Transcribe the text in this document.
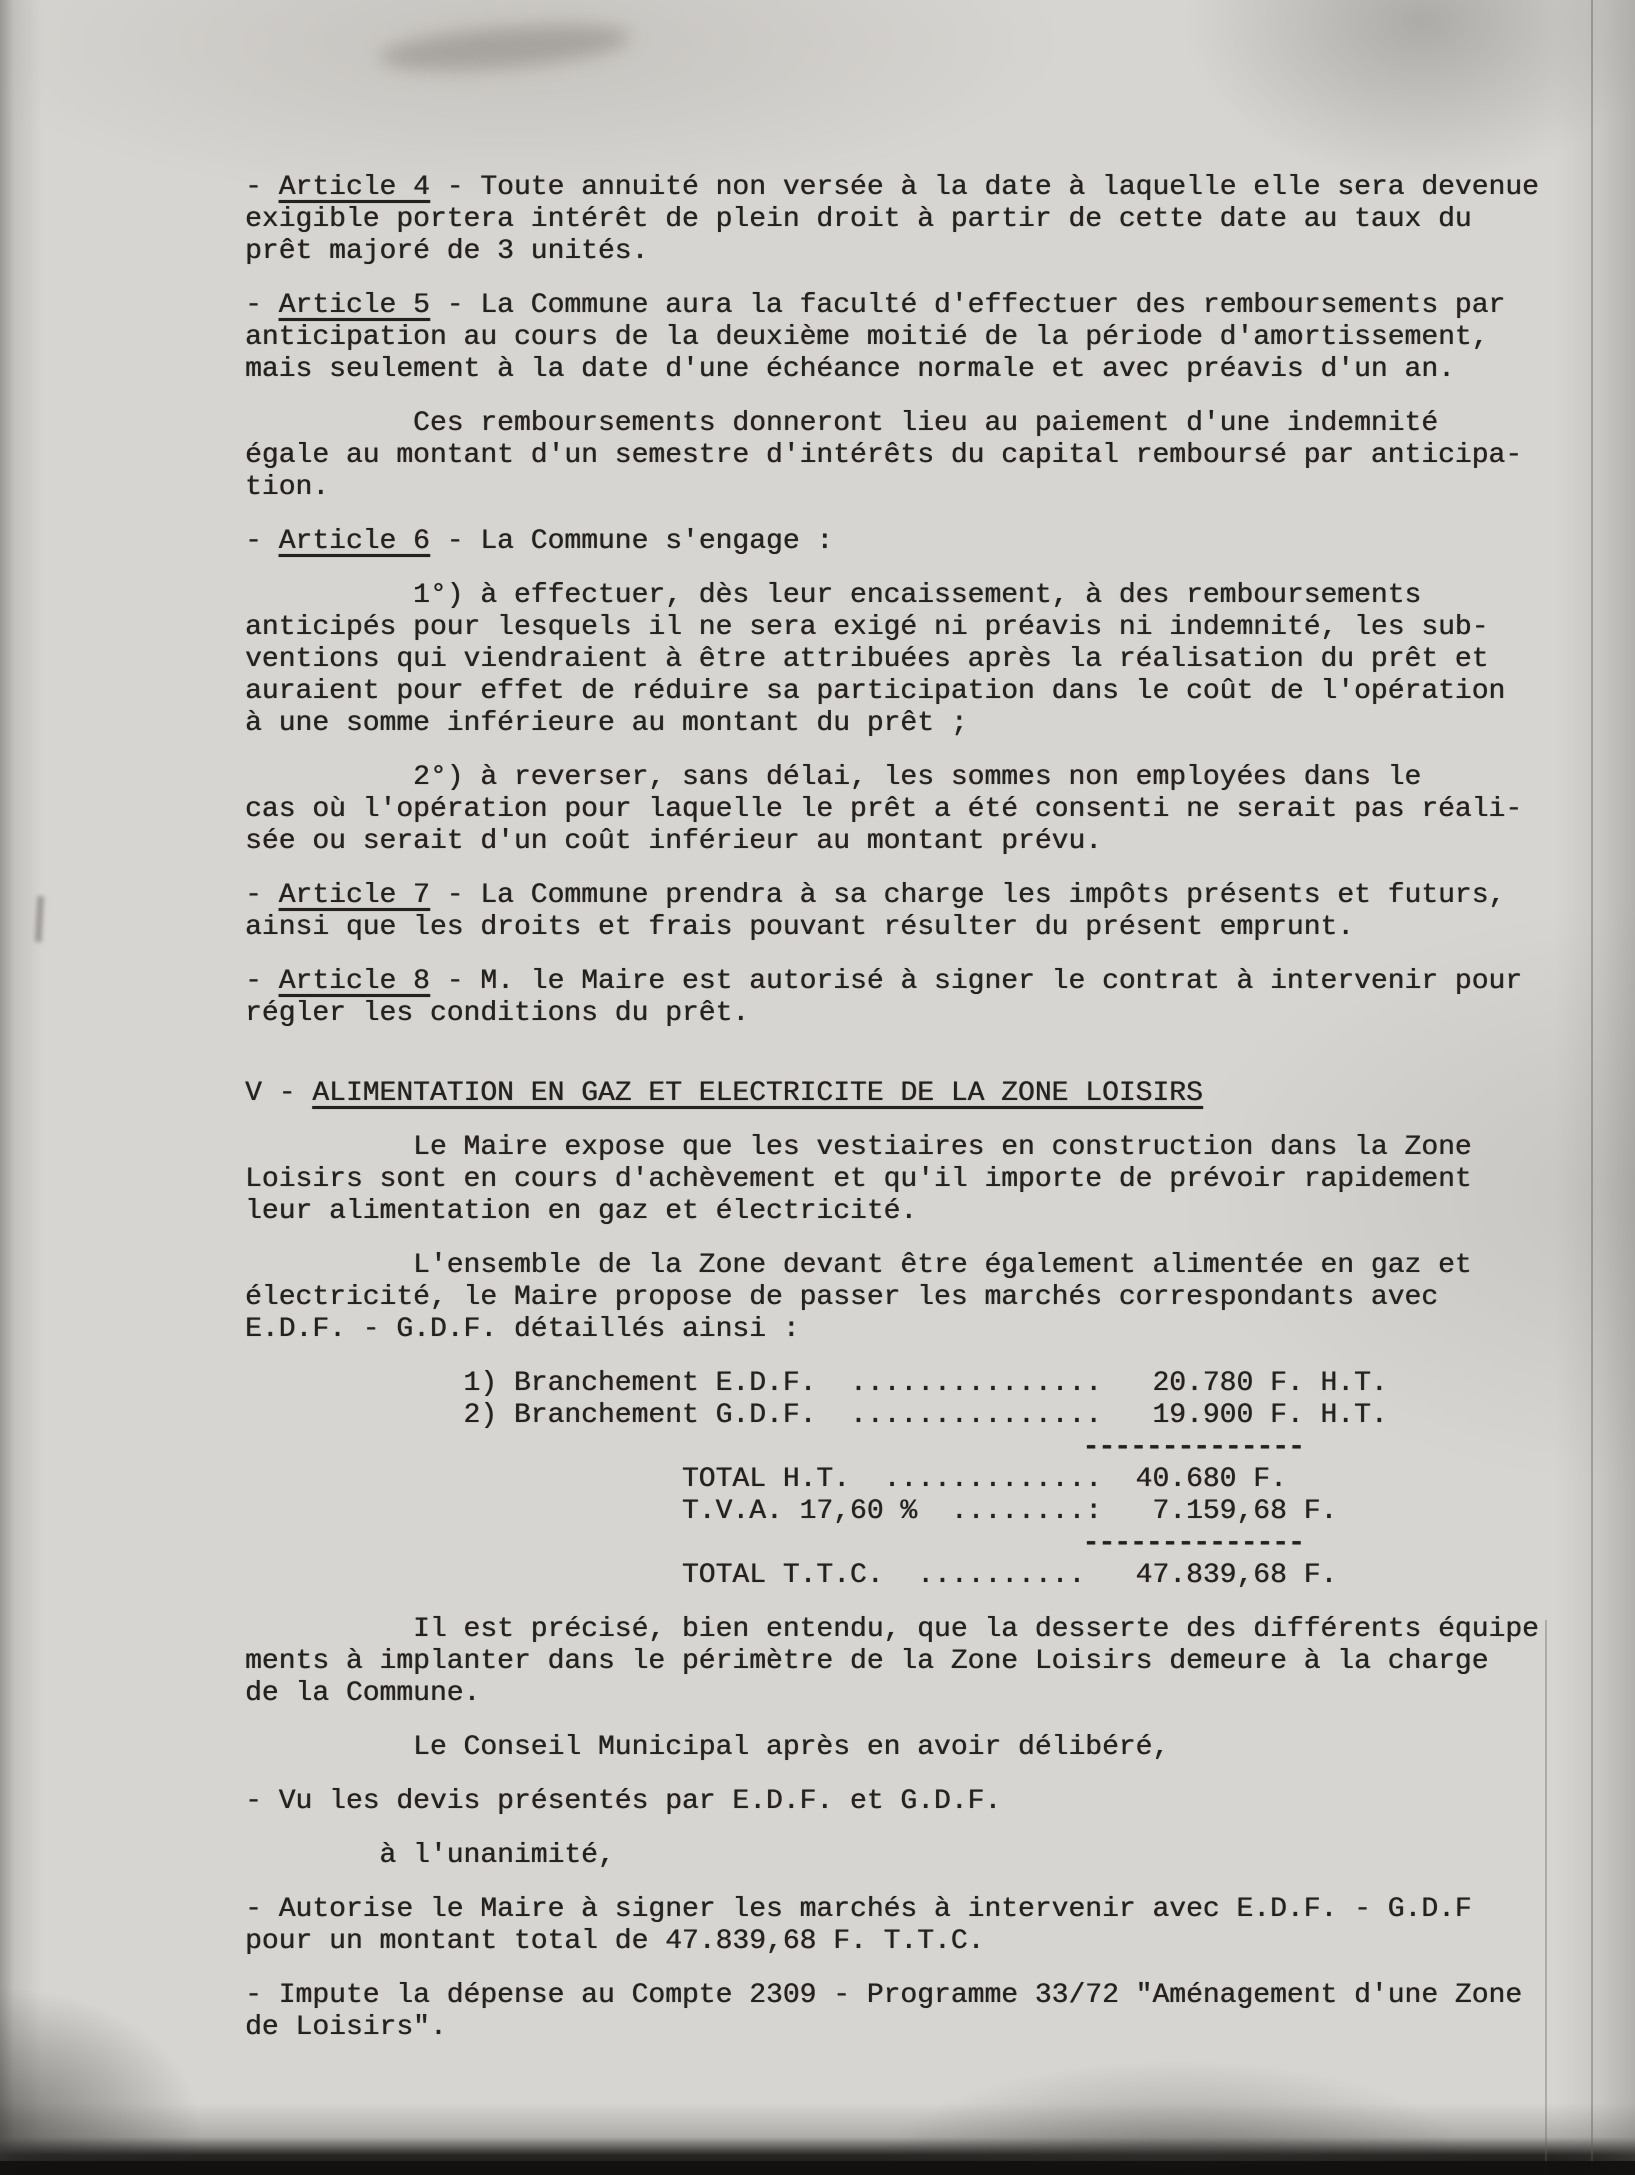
- Article 4 - Toute annuité non versée à la date à laquelle elle sera devenue
exigible portera intérêt de plein droit à partir de cette date au taux du
prêt majoré de 3 unités.
- Article 5 - La Commune aura la faculté d'effectuer des remboursements par
anticipation au cours de la deuxième moitié de la période d'amortissement,
mais seulement à la date d'une échéance normale et avec préavis d'un an.
Ces remboursements donneront lieu au paiement d'une indemnité
égale au montant d'un semestre d'intérêts du capital remboursé par anticipa-
tion.
- Article 6 - La Commune s'engage :
1°) à effectuer, dès leur encaissement, à des remboursements
anticipés pour lesquels il ne sera exigé ni préavis ni indemnité, les sub-
ventions qui viendraient à être attribuées après la réalisation du prêt et
auraient pour effet de réduire sa participation dans le coût de l'opération
à une somme inférieure au montant du prêt ;
2°) à reverser, sans délai, les sommes non employées dans le
cas où l'opération pour laquelle le prêt a été consenti ne serait pas réali-
sée ou serait d'un coût inférieur au montant prévu.
- Article 7 - La Commune prendra à sa charge les impôts présents et futurs,
ainsi que les droits et frais pouvant résulter du présent emprunt.
- Article 8 - M. le Maire est autorisé à signer le contrat à intervenir pour
régler les conditions du prêt.
V - ALIMENTATION EN GAZ ET ELECTRICITE DE LA ZONE LOISIRS
Le Maire expose que les vestiaires en construction dans la Zone
Loisirs sont en cours d'achèvement et qu'il importe de prévoir rapidement
leur alimentation en gaz et électricité.
L'ensemble de la Zone devant être également alimentée en gaz et
électricité, le Maire propose de passer les marchés correspondants avec
E.D.F. - G.D.F. détaillés ainsi :
1) Branchement E.D.F.  ...............   20.780 F. H.T.
2) Branchement G.D.F.  ...............   19.900 F. H.T.
--------------
TOTAL H.T.  .............  40.680 F.
T.V.A. 17,60 %  ........:   7.159,68 F.
--------------
TOTAL T.T.C.  ..........   47.839,68 F.
Il est précisé, bien entendu, que la desserte des différents équipe
ments à implanter dans le périmètre de la Zone Loisirs demeure à la charge
de la Commune.
Le Conseil Municipal après en avoir délibéré,
- Vu les devis présentés par E.D.F. et G.D.F.
à l'unanimité,
- Autorise le Maire à signer les marchés à intervenir avec E.D.F. - G.D.F
pour un montant total de 47.839,68 F. T.T.C.
- Impute la dépense au Compte 2309 - Programme 33/72 "Aménagement d'une Zone
de Loisirs".
